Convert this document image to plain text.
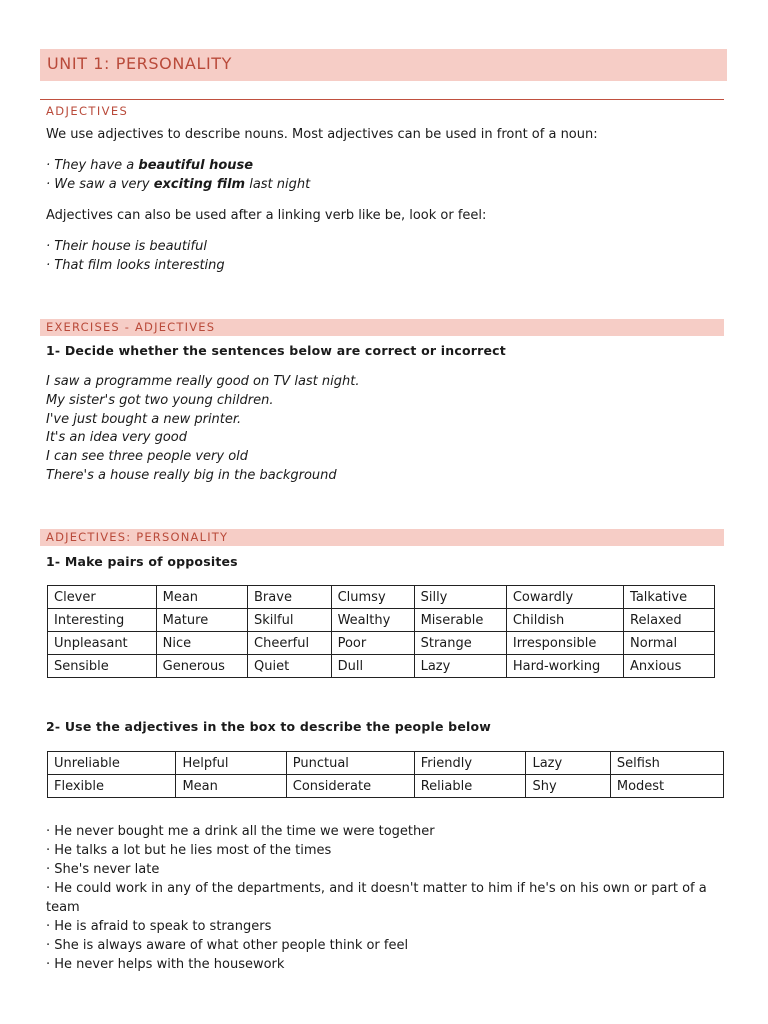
UNIT 1: PERSONALITY
ADJECTIVES
We use adjectives to describe nouns. Most adjectives can be used in front of a noun:
· They have a beautiful house
· We saw a very exciting film last night
Adjectives can also be used after a linking verb like be, look or feel:
· Their house is beautiful
· That film looks interesting
EXERCISES - ADJECTIVES
1- Decide whether the sentences below are correct or incorrect
I saw a programme really good on TV last night.
My sister's got two young children.
I've just bought a new printer.
It's an idea very good
I can see three people very old
There's a house really big in the background
ADJECTIVES: PERSONALITY
1- Make pairs of opposites
Clever	Mean	Brave	Clumsy	Silly	Cowardly	Talkative
Interesting	Mature	Skilful	Wealthy	Miserable	Childish	Relaxed
Unpleasant	Nice	Cheerful	Poor	Strange	Irresponsible	Normal
Sensible	Generous	Quiet	Dull	Lazy	Hard-working	Anxious
2- Use the adjectives in the box to describe the people below
Unreliable	Helpful	Punctual	Friendly	Lazy	Selfish
Flexible	Mean	Considerate	Reliable	Shy	Modest
· He never bought me a drink all the time we were together
· He talks a lot but he lies most of the times
· She's never late
· He could work in any of the departments, and it doesn't matter to him if he's on his own or part of a team
· He is afraid to speak to strangers
· She is always aware of what other people think or feel
· He never helps with the housework
